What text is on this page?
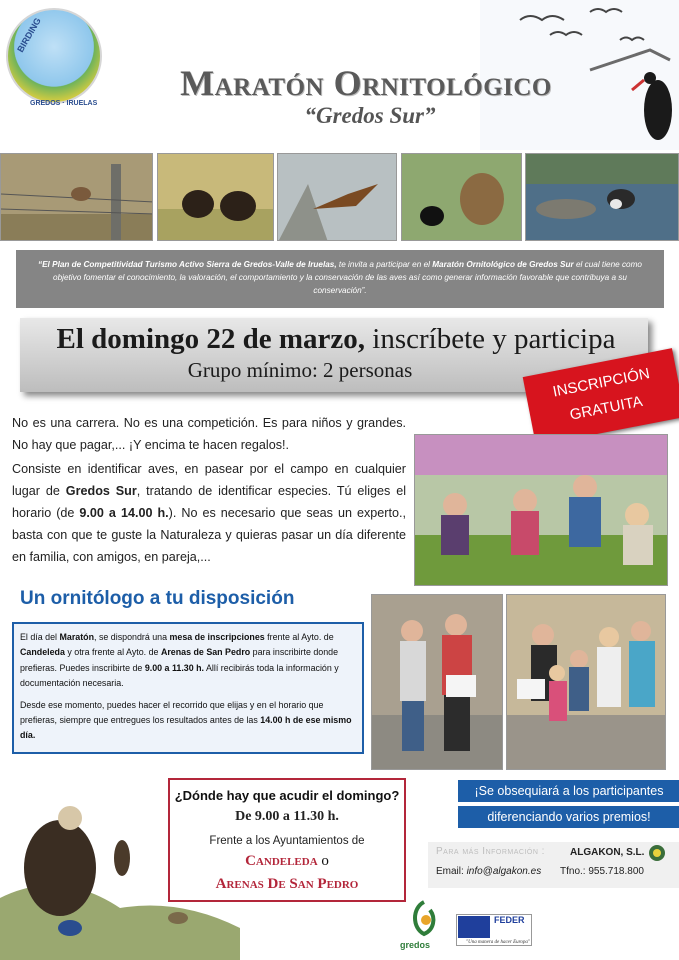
BIRDING
GREDOS · IRUELAS
Maratón Ornitológico
“Gredos Sur”
“El Plan de Competitividad Turismo Activo Sierra de Gredos-Valle de Iruelas, te invita a participar en el Maratón Ornitológico de Gredos Sur el cual tiene como objetivo fomentar el conocimiento, la valoración, el comportamiento y la conservación de las aves así como generar información favorable que contribuya a su conservación”.
El domingo 22 de marzo, inscríbete y participa
Grupo mínimo: 2 personas	INSCRIPCIÓN
GRATUITA
No es una carrera. No es una competición. Es para niños y grandes. No hay que pagar,... ¡Y encima te hacen regalos!.
Consiste en identificar aves, en pasear por el campo en cualquier lugar de Gredos Sur, tratando de identificar especies. Tú eliges el horario (de 9.00 a 14.00 h.). No es necesario que seas un experto., basta con que te guste la Naturaleza y quieras pasar un día diferente en familia, con amigos, en pareja,...
Un ornitólogo a tu disposición

El día del Maratón, se dispondrá una mesa de inscripciones frente al Ayto. de Candeleda y otra frente al Ayto. de Arenas de San Pedro para inscribirte donde prefieras. Puedes inscribirte de 9.00 a 11.30 h. Allí recibirás toda la información y documentación necesaria.

Desde ese momento, puedes hacer el recorrido que elijas y en el horario que prefieras, siempre que entregues los resultados antes de las 14.00 h de ese mismo día.

¿Dónde hay que acudir el domingo?
De 9.00 a 11.30 h.
Frente a los Ayuntamientos de
Candeleda o
Arenas De San Pedro
¡Se obsequiará a los participantes
diferenciando varios premios!
Para más Información :	ALGAKON, S.L.
Email: info@algakon.es Tfno.: 955.718.800
gredos
FEDER
"Una manera de hacer Europa"
